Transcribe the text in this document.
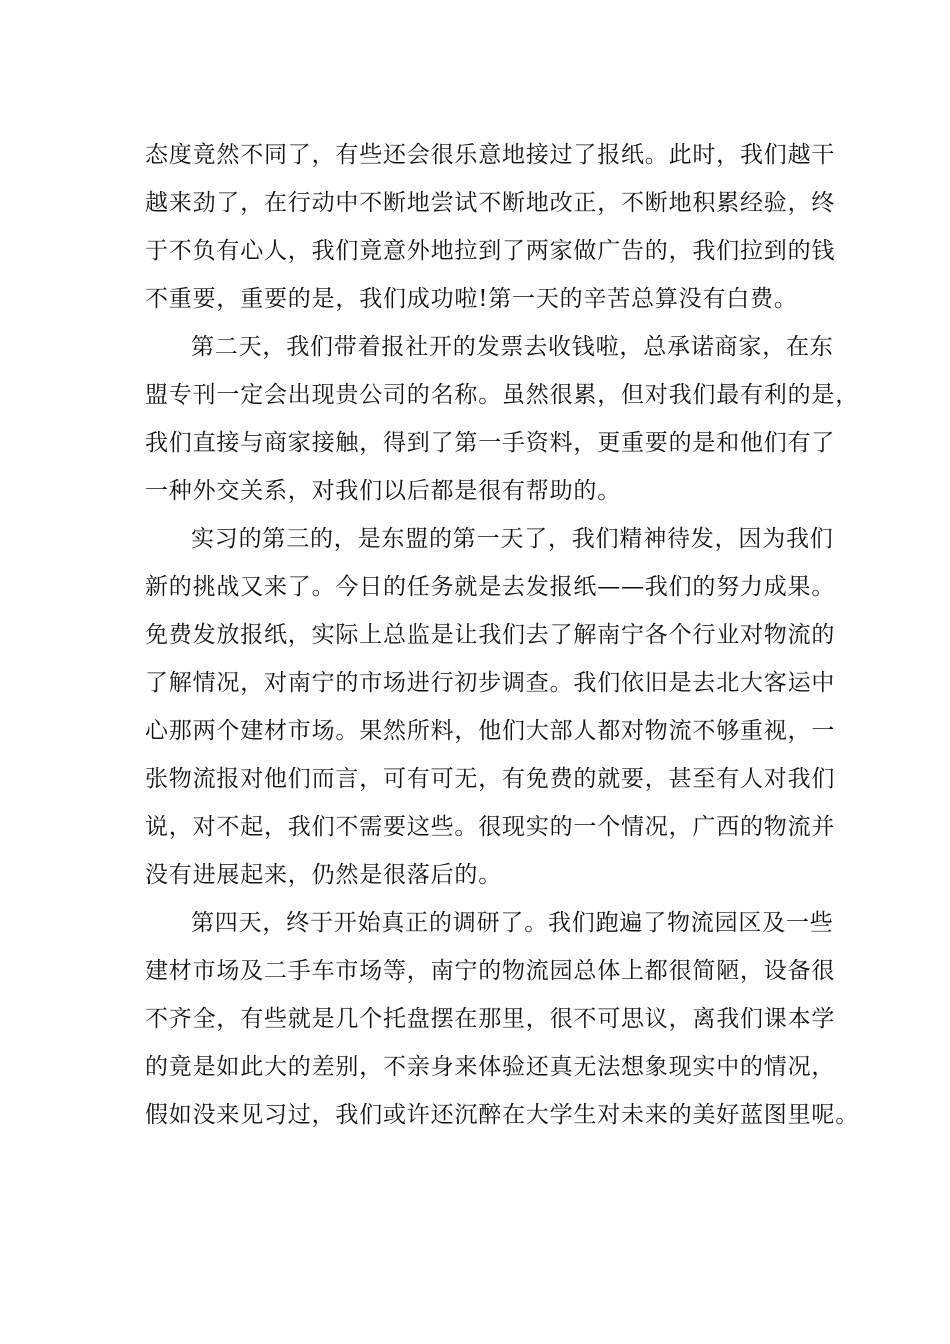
态度竟然不同了，有些还会很乐意地接过了报纸。此时，我们越干
越来劲了，在行动中不断地尝试不断地改正，不断地积累经验，终
于不负有心人，我们竟意外地拉到了两家做广告的，我们拉到的钱
不重要，重要的是，我们成功啦!第一天的辛苦总算没有白费。
第二天，我们带着报社开的发票去收钱啦，总承诺商家，在东
盟专刊一定会出现贵公司的名称。虽然很累，但对我们最有利的是，
我们直接与商家接触，得到了第一手资料，更重要的是和他们有了
一种外交关系，对我们以后都是很有帮助的。
实习的第三的，是东盟的第一天了，我们精神待发，因为我们
新的挑战又来了。今日的任务就是去发报纸——我们的努力成果。
免费发放报纸，实际上总监是让我们去了解南宁各个行业对物流的
了解情况，对南宁的市场进行初步调查。我们依旧是去北大客运中
心那两个建材市场。果然所料，他们大部人都对物流不够重视，一
张物流报对他们而言，可有可无，有免费的就要，甚至有人对我们
说，对不起，我们不需要这些。很现实的一个情况，广西的物流并
没有进展起来，仍然是很落后的。
第四天，终于开始真正的调研了。我们跑遍了物流园区及一些
建材市场及二手车市场等，南宁的物流园总体上都很简陋，设备很
不齐全，有些就是几个托盘摆在那里，很不可思议，离我们课本学
的竟是如此大的差别，不亲身来体验还真无法想象现实中的情况，
假如没来见习过，我们或许还沉醉在大学生对未来的美好蓝图里呢。
